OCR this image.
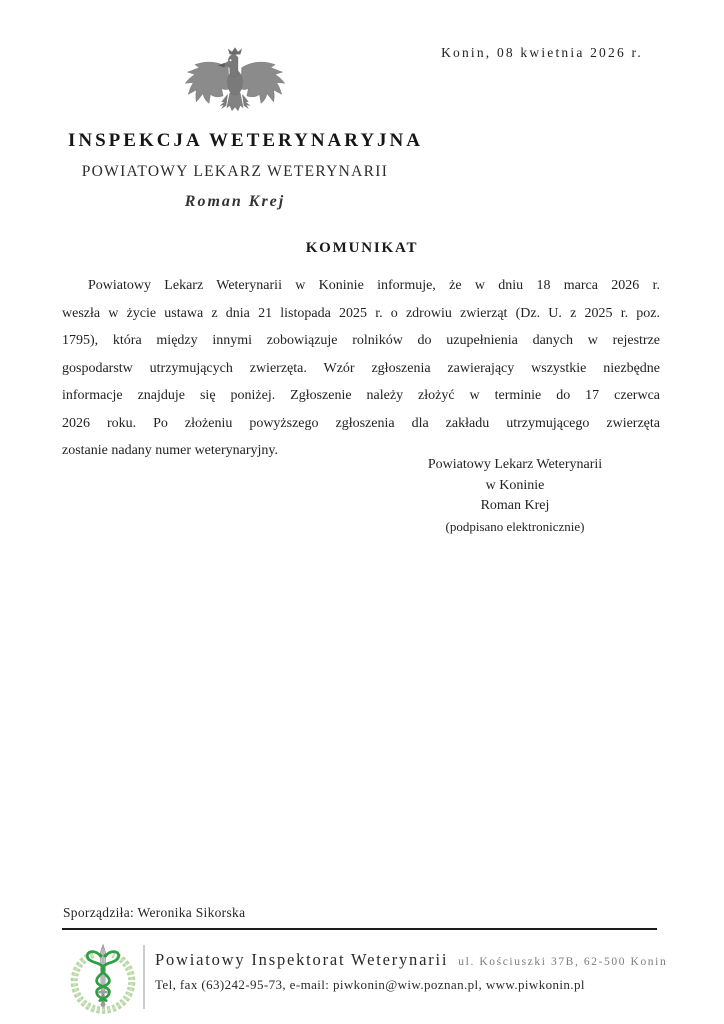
Konin, 08 kwietnia 2026 r.
INSPEKCJA WETERYNARYJNA
POWIATOWY LEKARZ WETERYNARII
Roman Krej
KOMUNIKAT
Powiatowy Lekarz Weterynarii w Koninie informuje, że w dniu 18 marca 2026 r.
weszła w życie ustawa z dnia 21 listopada 2025 r. o zdrowiu zwierząt (Dz. U. z 2025 r. poz.
1795), która między innymi zobowiązuje rolników do uzupełnienia danych w rejestrze
gospodarstw utrzymujących zwierzęta. Wzór zgłoszenia zawierający wszystkie niezbędne
informacje znajduje się poniżej. Zgłoszenie należy złożyć w terminie do 17 czerwca
2026 roku. Po złożeniu powyższego zgłoszenia dla zakładu utrzymującego zwierzęta
zostanie nadany numer weterynaryjny.
Powiatowy Lekarz Weterynarii
w Koninie
Roman Krej
(podpisano elektronicznie)
Sporządziła: Weronika Sikorska
Powiatowy Inspektorat Weterynarii ul. Kościuszki 37B, 62-500 Konin
Tel, fax (63)242-95-73, e-mail: piwkonin@wiw.poznan.pl, www.piwkonin.pl
